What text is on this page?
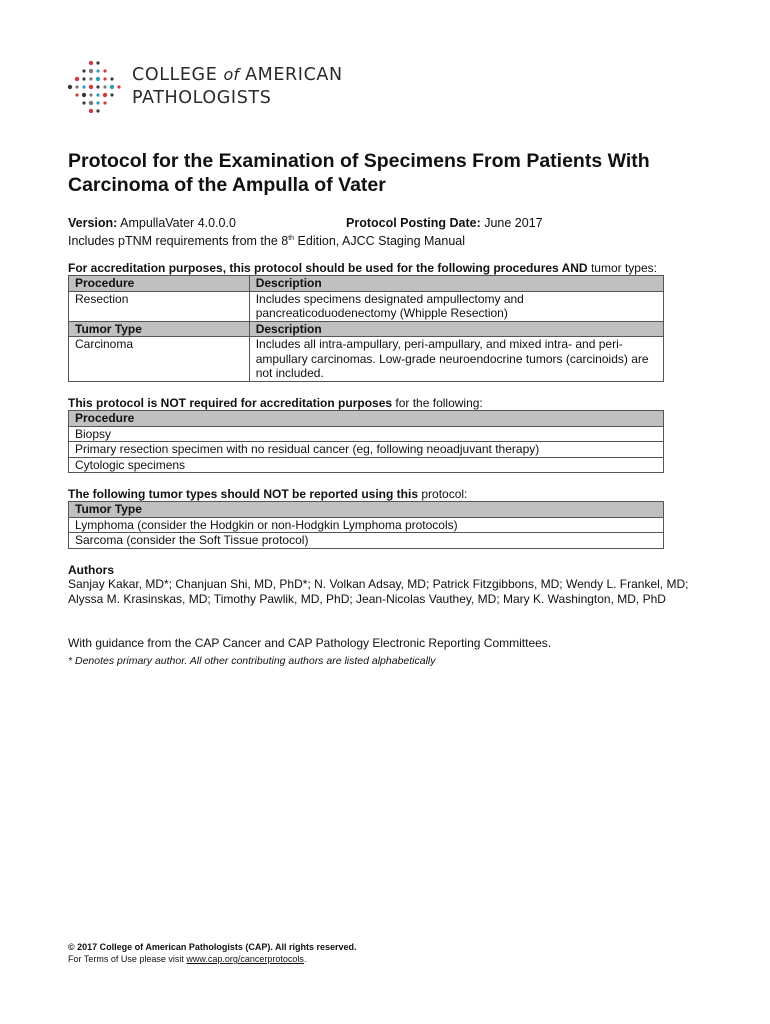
COLLEGE of AMERICAN
PATHOLOGISTS
Protocol for the Examination of Specimens From Patients With Carcinoma of the Ampulla of Vater
Version: AmpullaVater 4.0.0.0	Protocol Posting Date: June 2017
Includes pTNM requirements from the 8th Edition, AJCC Staging Manual
For accreditation purposes, this protocol should be used for the following procedures AND tumor types:
Procedure	Description
Resection	Includes specimens designated ampullectomy and pancreaticoduodenectomy (Whipple Resection)
Tumor Type	Description
Carcinoma	Includes all intra-ampullary, peri-ampullary, and mixed intra- and peri-ampullary carcinomas. Low-grade neuroendocrine tumors (carcinoids) are not included.
This protocol is NOT required for accreditation purposes for the following:
Procedure
Biopsy
Primary resection specimen with no residual cancer (eg, following neoadjuvant therapy)
Cytologic specimens
The following tumor types should NOT be reported using this protocol:
Tumor Type
Lymphoma (consider the Hodgkin or non-Hodgkin Lymphoma protocols)
Sarcoma (consider the Soft Tissue protocol)
Authors
Sanjay Kakar, MD*; Chanjuan Shi, MD, PhD*; N. Volkan Adsay, MD; Patrick Fitzgibbons, MD; Wendy L. Frankel, MD; Alyssa M. Krasinskas, MD; Timothy Pawlik, MD, PhD; Jean-Nicolas Vauthey, MD; Mary K. Washington, MD, PhD
With guidance from the CAP Cancer and CAP Pathology Electronic Reporting Committees.
* Denotes primary author. All other contributing authors are listed alphabetically
© 2017 College of American Pathologists (CAP). All rights reserved.
For Terms of Use please visit www.cap.org/cancerprotocols.
